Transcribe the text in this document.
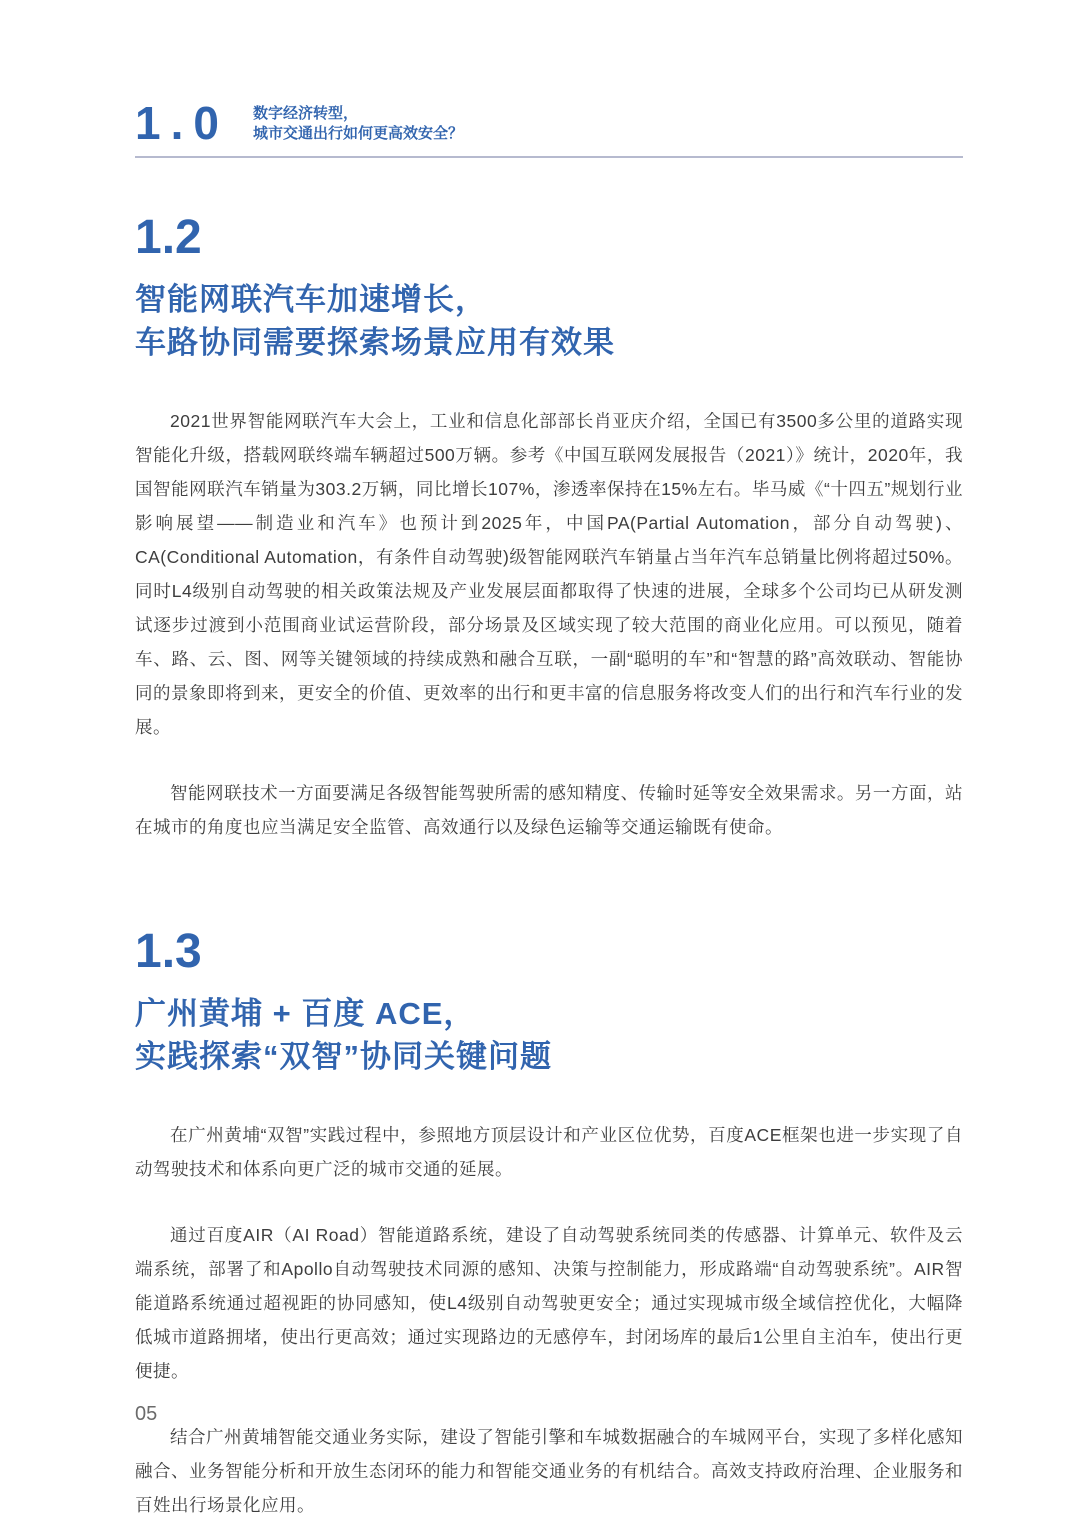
1.0 数字经济转型，
城市交通出行如何更高效安全？
1.2
智能网联汽车加速增长，
车路协同需要探索场景应用有效果

2021世界智能网联汽车大会上，工业和信息化部部长肖亚庆介绍，全国已有3500多公里的道路实现智能化升级，搭载网联终端车辆超过500万辆。参考《中国互联网发展报告（2021）》统计，2020年，我国智能网联汽车销量为303.2万辆，同比增长107%，渗透率保持在15%左右。毕马威《“十四五”规划行业影响展望——制造业和汽车》也预计到2025年，中国PA(Partial Automation，部分自动驾驶)、CA(Conditional Automation，有条件自动驾驶)级智能网联汽车销量占当年汽车总销量比例将超过50%。同时L4级别自动驾驶的相关政策法规及产业发展层面都取得了快速的进展，全球多个公司均已从研发测试逐步过渡到小范围商业试运营阶段，部分场景及区域实现了较大范围的商业化应用。可以预见，随着车、路、云、图、网等关键领域的持续成熟和融合互联，一副“聪明的车”和“智慧的路”高效联动、智能协同的景象即将到来，更安全的价值、更效率的出行和更丰富的信息服务将改变人们的出行和汽车行业的发展。

智能网联技术一方面要满足各级智能驾驶所需的感知精度、传输时延等安全效果需求。另一方面，站在城市的角度也应当满足安全监管、高效通行以及绿色运输等交通运输既有使命。

1.3
广州黄埔 + 百度 ACE，
实践探索“双智”协同关键问题

在广州黄埔“双智”实践过程中，参照地方顶层设计和产业区位优势，百度ACE框架也进一步实现了自动驾驶技术和体系向更广泛的城市交通的延展。

通过百度AIR（AI Road）智能道路系统，建设了自动驾驶系统同类的传感器、计算单元、软件及云端系统，部署了和Apollo自动驾驶技术同源的感知、决策与控制能力，形成路端“自动驾驶系统”。AIR智能道路系统通过超视距的协同感知，使L4级别自动驾驶更安全；通过实现城市级全域信控优化，大幅降低城市道路拥堵，使出行更高效；通过实现路边的无感停车，封闭场库的最后1公里自主泊车，使出行更便捷。

结合广州黄埔智能交通业务实际，建设了智能引擎和车城数据融合的车城网平台，实现了多样化感知融合、业务智能分析和开放生态闭环的能力和智能交通业务的有机结合。高效支持政府治理、企业服务和百姓出行场景化应用。

05
